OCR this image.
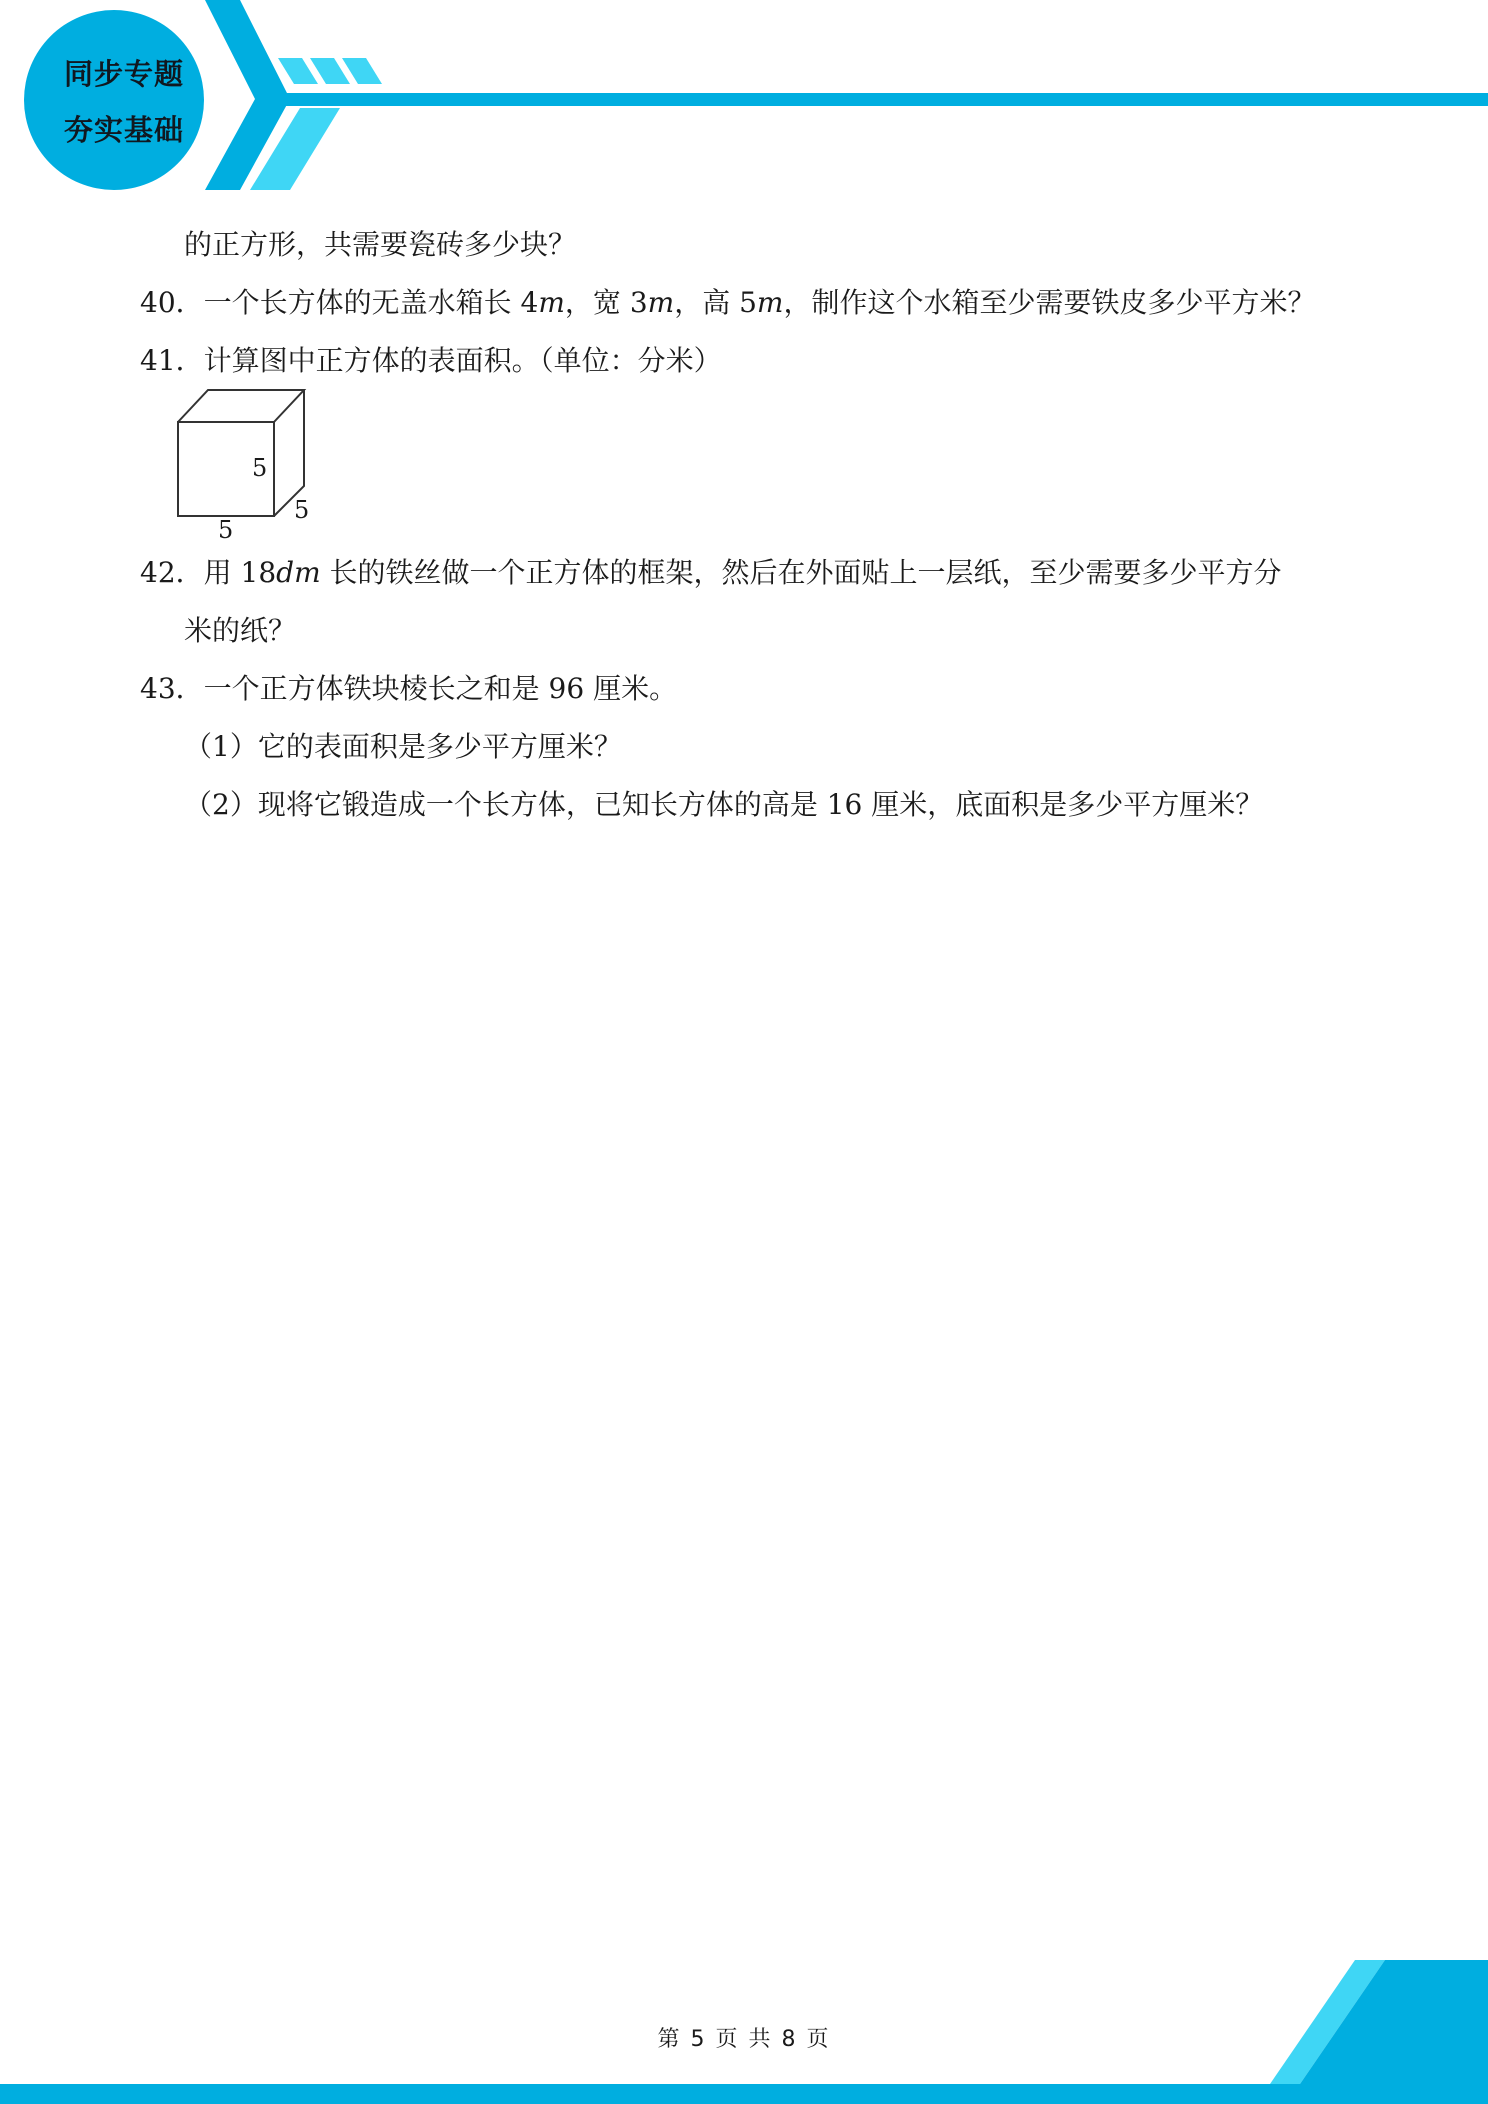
同步专题
夯实基础
的正方形，共需要瓷砖多少块？
40．一个长方体的无盖水箱长 4m，宽 3m，高 5m，制作这个水箱至少需要铁皮多少平方米？
41．计算图中正方体的表面积。（单位：分米）
42．用 18dm 长的铁丝做一个正方体的框架，然后在外面贴上一层纸，至少需要多少平方分
米的纸？
43．一个正方体铁块棱长之和是 96 厘米。
（1）它的表面积是多少平方厘米？
（2）现将它锻造成一个长方体，已知长方体的高是 16 厘米，底面积是多少平方厘米？
5
5
5
第 5 页 共 8 页
